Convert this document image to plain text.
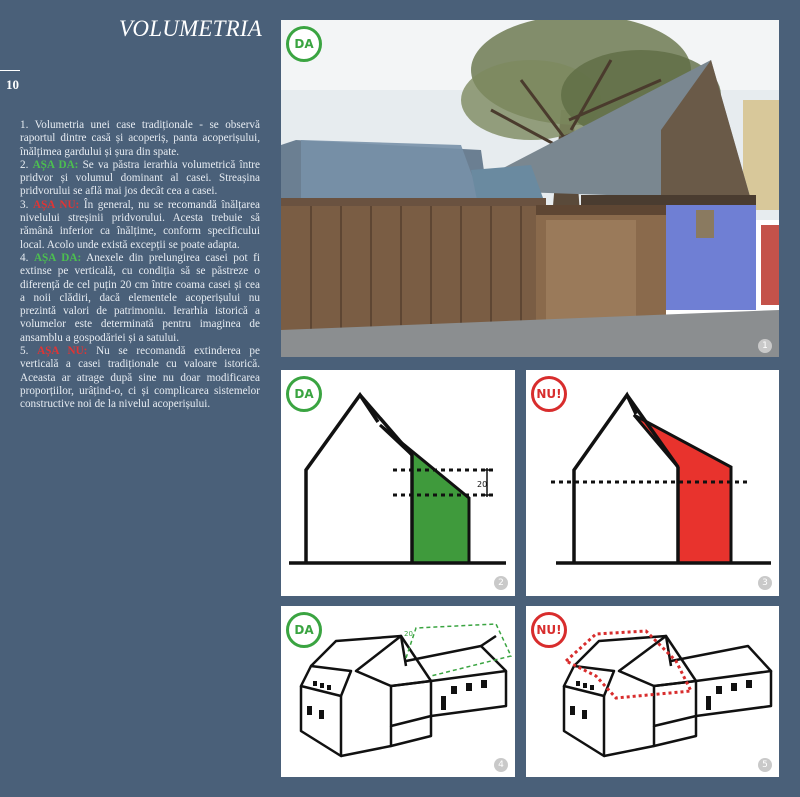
VOLUMETRIA
10

1. Volumetria unei case tradiționale - se observă raportul dintre casă și acoperiș, panta acoperișului, înălțimea gardului și șura din spate.

2. AȘA DA: Se va păstra ierarhia volumetrică între pridvor și volumul dominant al casei. Streașina pridvorului se află mai jos decât cea a casei.

3. AȘA NU: În general, nu se recomandă înălțarea nivelului streșinii pridvorului. Acesta trebuie să rămână inferior ca înălțime, conform specificului local. Acolo unde există excepții se poate adapta.

4. AȘA DA: Anexele din prelungirea casei pot fi extinse pe verticală, cu condiția să se păstreze o diferență de cel puțin 20 cm între coama casei și cea a noii clădiri, dacă elementele acoperișului nu prezintă valori de patrimoniu. Ierarhia istorică a volumelor este determinată pentru imaginea de ansamblu a gospodăriei și a satului.

5. AȘA NU: Nu se recomandă extinderea pe verticală a casei tradiționale cu valoare istorică. Aceasta ar atrage după sine nu doar modificarea proporțiilor, urâțind-o, ci și complicarea sistemelor constructive noi de la nivelul acoperișului.

DA
1
20
DA
2
NU!
3
20
DA
4
NU!
5
